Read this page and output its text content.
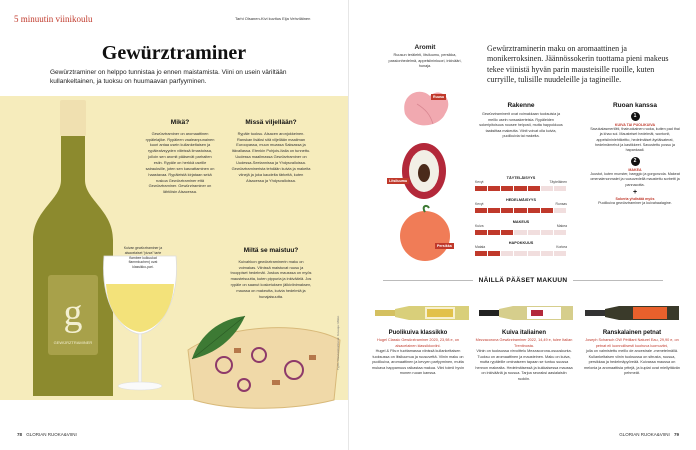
5 minuutin viinikoulu	Tarhi Olsanen-Kivi kuvitus Eija Vehviläinen
Gewürztraminer
Gewürztraminer on helppo tunnistaa jo ennen maistamista. Viini on usein väriltään kullankeltainen, ja tuoksu on huumaavan parfyyminen.
g
GEWÜRZTRAMINER
Mikä?

Gewürztraminer on aromaattinen rypälelajike. Rypäleen vaaleanpunainen kuori antaa usein kullankeltaisen ja rypälealvsyyden viileissä ilmastoissa, jolloin sen aromit pääsevät parhaiten esiin. Rypäle on herkkä useille sairauksille, joten sen kasvattaminen on haastavaa. Rypäleistä kirjataan sekä ruskoa Gewürztraminer että Gewürztraminer. Gewürztraminer on lähtöisin Alsacessa.

Missä viljellään?

Rypäle tuoksu. Alsacen aronjokkeinen. Ranskan lisäksi sitä viljellään maailman Euroopassa, muun muassa Saksassa ja Itävallassa. Etenkin Pohjois-Italia on tunnettu. Uudessa maailmassa Gewürztraminer on Uudessa-Seelannissa ja Yhdysvalloissa. Gewürztraminerista tehdään kuivia ja makeita viinejä ja joka kaudelta tärkeitä, kuten Alsacessa ja Yhdysvalloissa.

Miltä se maistuu?

Kuivahkon gewürztraminerin maku on voimakas. Viinissä maistuvat ruusu ja trooppiset hedelmät. Joskus mausssa on myös mausteisuutta, kuten pippuria ja inkivääriä. Jos rypäle on saanut kosketuksen jälkiviinimaksen, maussa on makeutta, kuivia hedelmiä ja hunajaisuutta.

Kuivan gewürztraminer ja alsacelaiset ”pizza” tarte flambee kulkuukat flammkuchen) ovat klassikko-pari.
Tyylit / Raiviorekorikuvat: Kuvaaja: Mikko
78 GLORIAN RUOKA&VIINI
Aromit

Ruusun terälehti, litsiluumu, persikka, passionhedelmä, appelsiininkuori, inkivääri, hunaja.

Ruusu
Litsiluumu
Persikka
Gewürztraminerin maku on aromaattinen ja monikerroksinen. Jäännössokerin tuottama pieni makeus tekee viinistä hyvän parin mausteisille ruoille, kuten curryille, tulisille nuudeleille ja tagineille.
Rakenne

Gewürztraminerit ovat voimakkaan tuoksuisia ja meillo usein runsaskerteisia. Rypäleiden sokeripitoisuus nousee helposti, mutta happokkuus taaksittaa makeutta. Viinit voivat olla kuivia, puolikuivia tai makeita.

TÄYTELÄISYYS
Kevyt	Täyteläinen
HEDELMÄISYYS
Kevyt	Runsas
MAKEUS
Kuiva	Makea
HAPOKKUUS
Matala	Korkea
Ruoan kanssa
1
KUIVA TAI PUOLIKUIVA
Savukalasmerlötti, thairuokainen ruoka, kutien pad thai ja khao soi. Mausteiset hedelmät, wontonit, appelsiininlehtikeitto, hedelmäiset äyriäisaterat, hedelmämehut ja kastikkeet. Savustettu possu ja hapankaali.
2
MAKEA
Juustot, kuten munster, baeggio ja gorgonzola. Makeat omenalenonmalet ja ruusuvedellä maustettu sorbetti ja pannacotta.
+
Sokeria yhdistää myös
Puolikuiva gewürztraminer ja kuivahaalagine.
NÄILLÄ PÄÄSET MAKUUN
Puolikuiva klassikko
Hugel Classic Gewürztraminer 2020, 23,98 e, on alsacelainen klassikkoviini.
Hugel & Fils:n tuottamassa viinissä kullankeltaisen tuoksussa on litsiluumua ja ruusuvettä. Viinin maku on puolikuiva, aromaattinen ja kevyen parfyyminen, mutta mukava happamuus raikastaa makua. Viini toimii hyvin monen ruoan kanssa.
Kuiva italiainen
Mezzacorona Gewürztraminer 2022, 14,49 e, tulee Italian Trentinosta.
Viinin on tuoksussa virvoittelu Mezzacorona-osuuskunta. Tuoksu on aromaattinen ja mausteinen. Maku on kuiva, mutta rypäleille ominaiseen tapaan se tuntuu suussa hennon makealta. Hedelmäisessä ja kukkaisessa maussa on inkivääriä ja ruusua. Tarjoa seuraksi aasialaisiin ruokiin.
Ranskalainen petnat
Joseph Scharsch OW Pétillant Naturel Eau, 29,90 e, on petnat eli luonnollisesti kuohuva luomuviini,
jolla on valmistettu meillo de ancestrale -menetelmällä. Kullankeltaisen viinin tuoksussa on sitrusta, ruusua, persikkaa ja hedelmäpyöreää. Kuivassa maussa on melonia ja aromaattisia yrttejä, ja kuplat ovat miellyttävän pehmeät.
GLORIAN RUOKA&VIINI 79
